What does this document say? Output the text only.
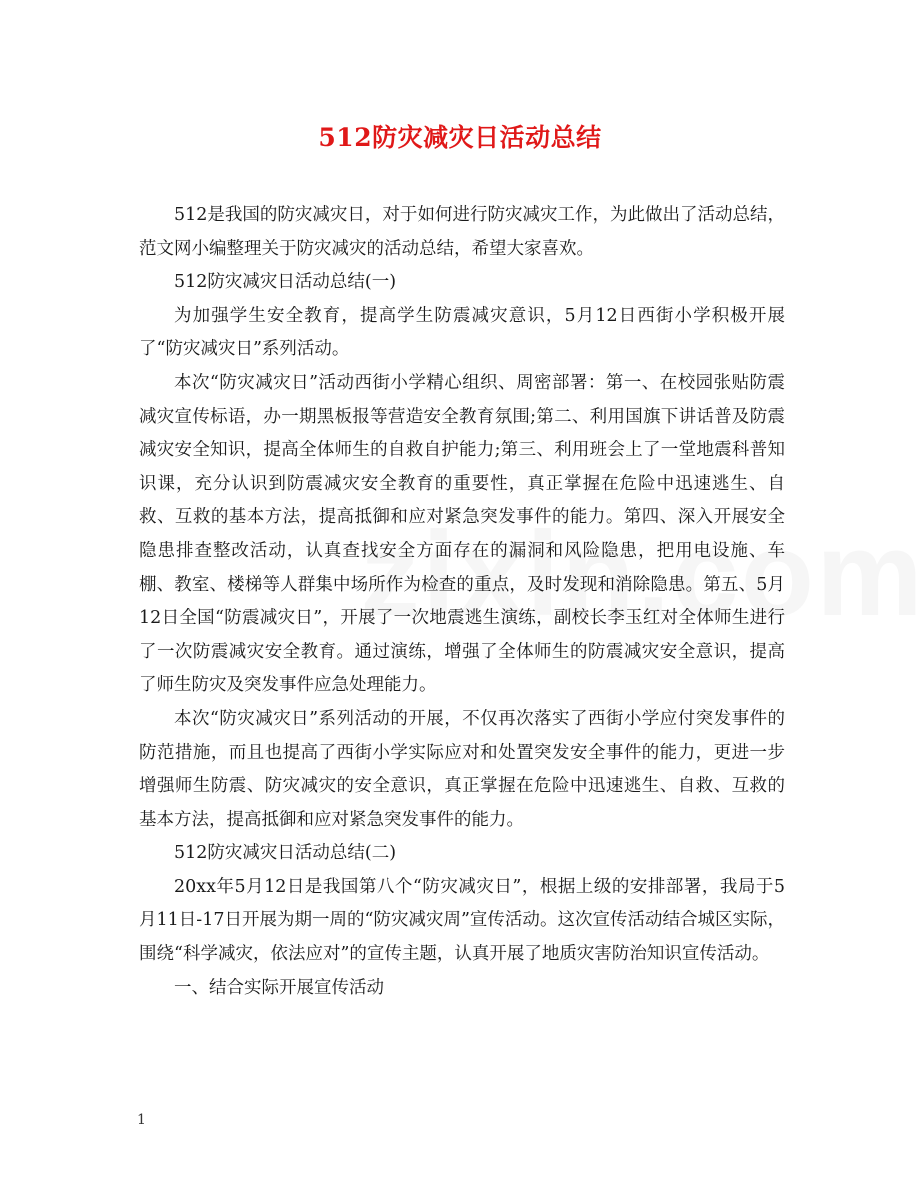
512防灾减灾日活动总结

512是我国的防灾减灾日，对于如何进行防灾减灾工作，为此做出了活动总结，范文网小编整理关于防灾减灾的活动总结，希望大家喜欢。

512防灾减灾日活动总结(一)

为加强学生安全教育，提高学生防震减灾意识，5月12日西街小学积极开展了“防灾减灾日”系列活动。

本次“防灾减灾日”活动西街小学精心组织、周密部署：第一、在校园张贴防震减灾宣传标语，办一期黑板报等营造安全教育氛围;第二、利用国旗下讲话普及防震减灾安全知识，提高全体师生的自救自护能力;第三、利用班会上了一堂地震科普知识课，充分认识到防震减灾安全教育的重要性，真正掌握在危险中迅速逃生、自救、互救的基本方法，提高抵御和应对紧急突发事件的能力。第四、深入开展安全隐患排查整改活动，认真查找安全方面存在的漏洞和风险隐患，把用电设施、车棚、教室、楼梯等人群集中场所作为检查的重点，及时发现和消除隐患。第五、5月12日全国“防震减灾日”，开展了一次地震逃生演练，副校长李玉红对全体师生进行了一次防震减灾安全教育。通过演练，增强了全体师生的防震减灾安全意识，提高了师生防灾及突发事件应急处理能力。

本次“防灾减灾日”系列活动的开展，不仅再次落实了西街小学应付突发事件的防范措施，而且也提高了西街小学实际应对和处置突发安全事件的能力，更进一步增强师生防震、防灾减灾的安全意识，真正掌握在危险中迅速逃生、自救、互救的基本方法，提高抵御和应对紧急突发事件的能力。

512防灾减灾日活动总结(二)

20xx年5月12日是我国第八个“防灾减灾日”，根据上级的安排部署，我局于5月11日-17日开展为期一周的“防灾减灾周”宣传活动。这次宣传活动结合城区实际，围绕“科学减灾，依法应对”的宣传主题，认真开展了地质灾害防治知识宣传活动。

一、结合实际开展宣传活动

1
